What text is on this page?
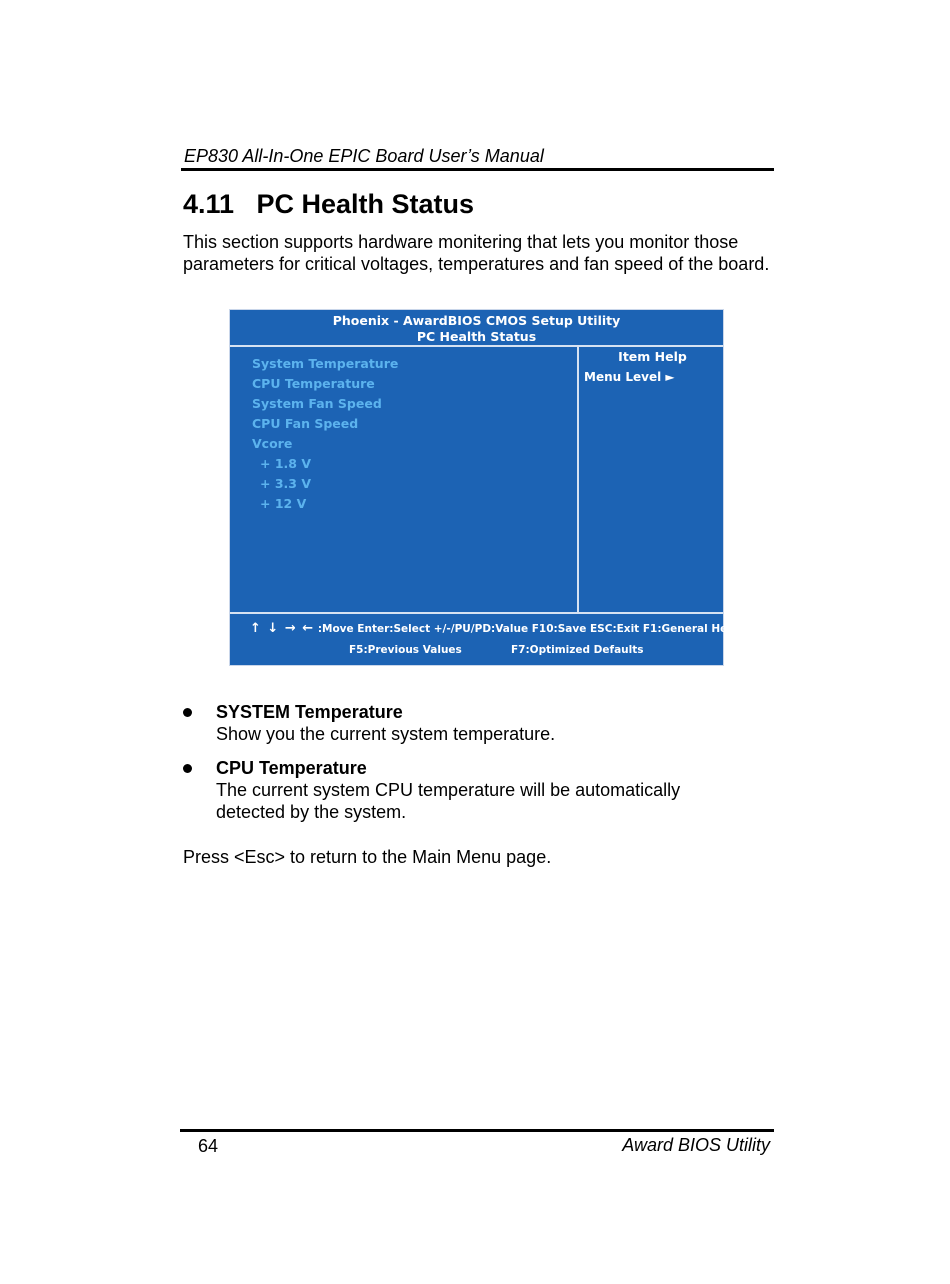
EP830 All-In-One EPIC Board User’s Manual
4.11 PC Health Status

This section supports hardware monitering that lets you monitor those parameters for critical voltages, temperatures and fan speed of the board.

Phoenix - AwardBIOS CMOS Setup Utility
PC Health Status
System Temperature
CPU Temperature
System Fan Speed
CPU Fan Speed
Vcore
+ 1.8 V
+ 3.3 V
+ 12 V
Item Help
Menu Level ►
↑ ↓ → ← :Move Enter:Select +/-/PU/PD:Value F10:Save ESC:Exit F1:General Help
F5:Previous Values	F7:Optimized Defaults
SYSTEM Temperature

Show you the current system temperature.

CPU Temperature

The current system CPU temperature will be automatically detected by the system.

Press <Esc> to return to the Main Menu page.
64	Award BIOS Utility
